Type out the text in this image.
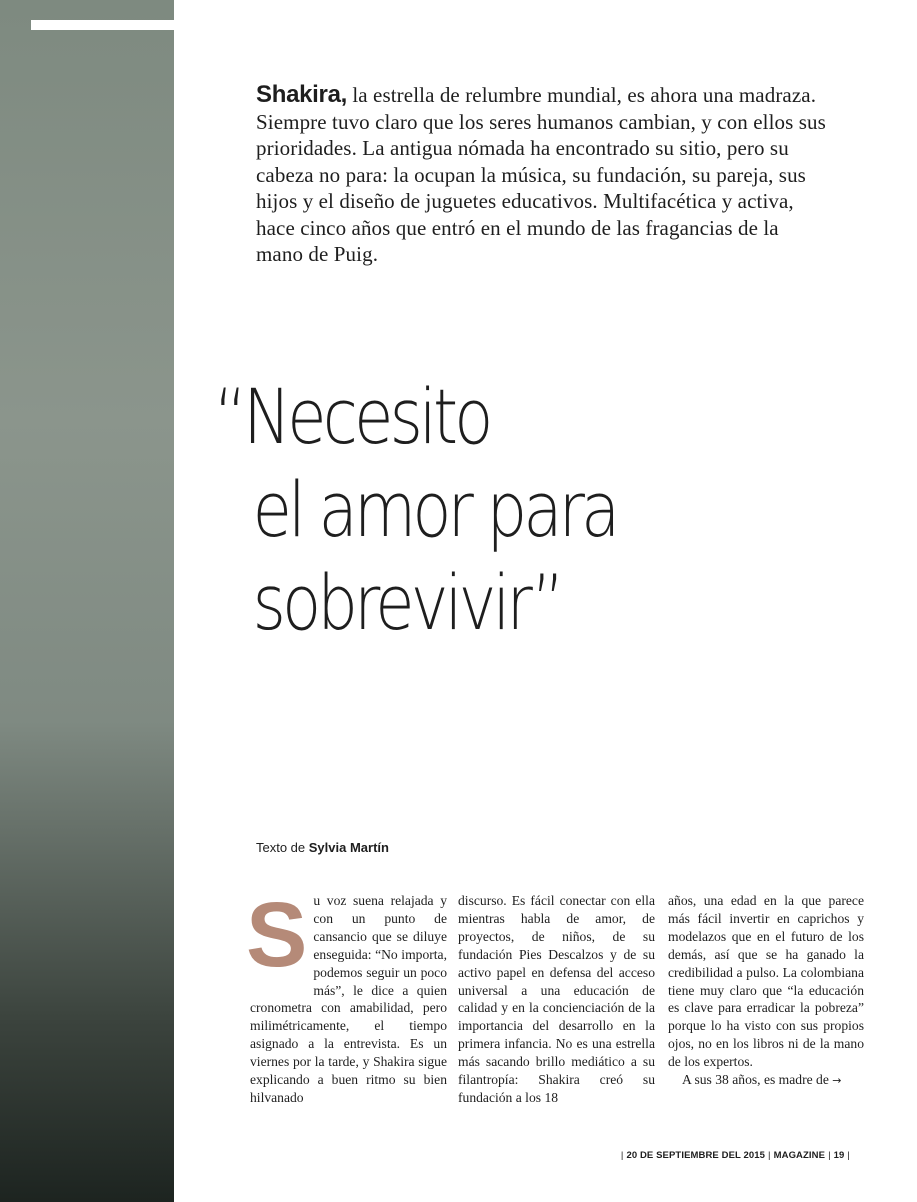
Shakira, la estrella de relumbre mundial, es ahora una madraza. Siempre tuvo claro que los seres humanos cambian, y con ellos sus prioridades. La antigua nómada ha encontrado su sitio, pero su cabeza no para: la ocupan la música, su fundación, su pareja, sus hijos y el diseño de juguetes educativos. Multifacética y activa, hace cinco años que entró en el mundo de las fragancias de la mano de Puig.
“Necesito
el amor para
sobrevivir”
Texto de Sylvia Martín
Su voz suena relajada y con un punto de cansancio que se diluye enseguida: “No importa, podemos seguir un poco más”, le dice a quien cronometra con amabilidad, pero milimétricamente, el tiempo asignado a la entrevista. Es un viernes por la tarde, y Shakira sigue explicando a buen ritmo su bien hilvanado
discurso. Es fácil conectar con ella mientras habla de amor, de proyectos, de niños, de su fundación Pies Descalzos y de su activo papel en defensa del acceso universal a una educación de calidad y en la concienciación de la importancia del desarrollo en la primera infancia. No es una estrella más sacando brillo mediático a su filantropía: Shakira creó su fundación a los 18
años, una edad en la que parece más fácil invertir en caprichos y modelazos que en el futuro de los demás, así que se ha ganado la credibilidad a pulso. La colombiana tiene muy claro que “la educación es clave para erradicar la pobreza” porque lo ha visto con sus propios ojos, no en los libros ni de la mano de los expertos.
A sus 38 años, es madre de →
| 20 DE SEPTIEMBRE DEL 2015 | MAGAZINE | 19 |
